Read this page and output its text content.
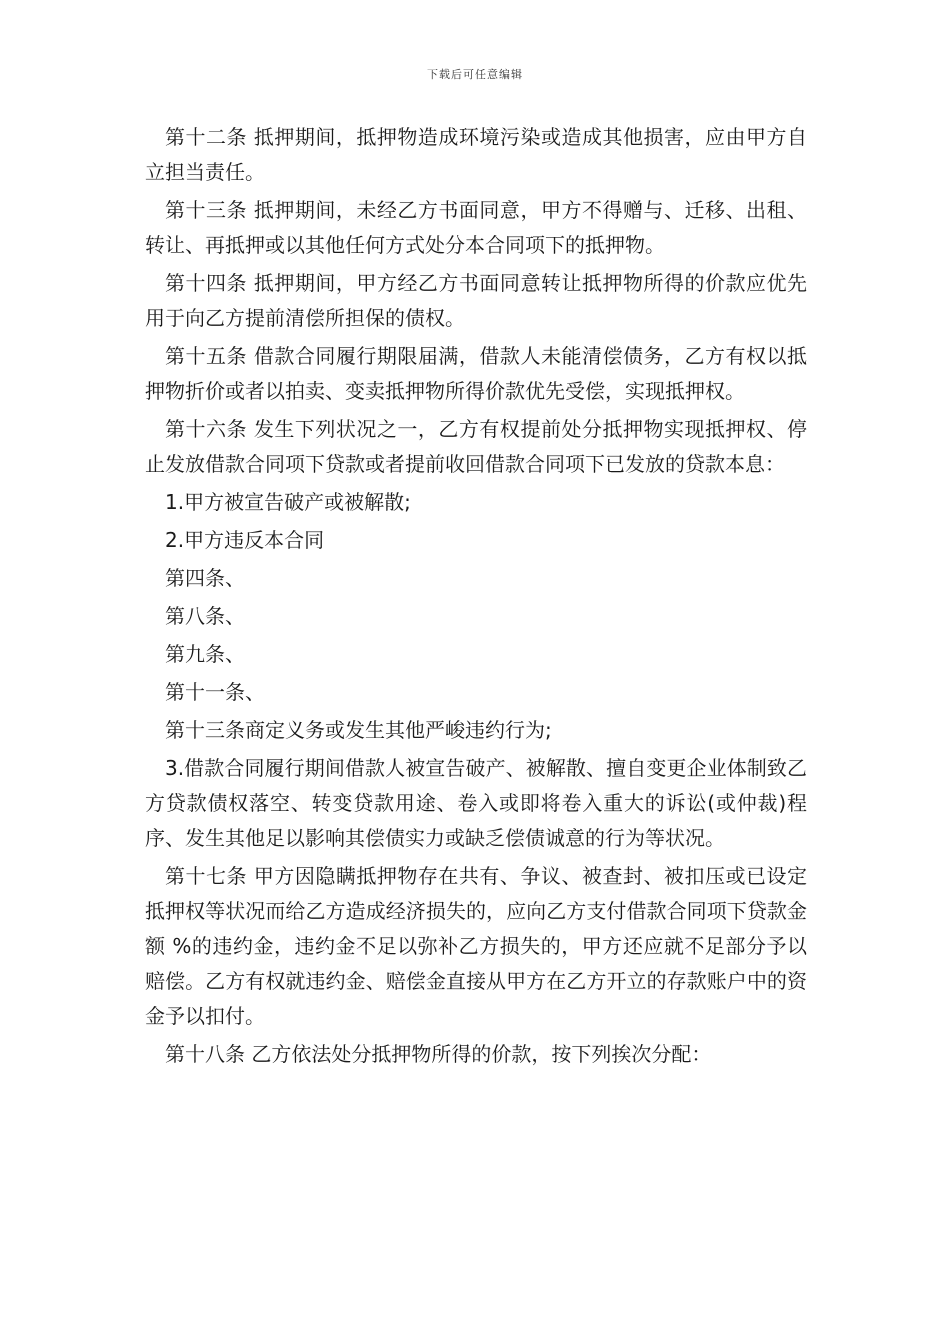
下载后可任意编辑

第十二条 抵押期间，抵押物造成环境污染或造成其他损害，应由甲方自立担当责任。

第十三条 抵押期间，未经乙方书面同意，甲方不得赠与、迁移、出租、转让、再抵押或以其他任何方式处分本合同项下的抵押物。

第十四条 抵押期间，甲方经乙方书面同意转让抵押物所得的价款应优先用于向乙方提前清偿所担保的债权。

第十五条 借款合同履行期限届满，借款人未能清偿债务，乙方有权以抵押物折价或者以拍卖、变卖抵押物所得价款优先受偿，实现抵押权。

第十六条 发生下列状况之一，乙方有权提前处分抵押物实现抵押权、停止发放借款合同项下贷款或者提前收回借款合同项下已发放的贷款本息：

1.甲方被宣告破产或被解散;

2.甲方违反本合同

第四条、

第八条、

第九条、

第十一条、

第十三条商定义务或发生其他严峻违约行为;

3.借款合同履行期间借款人被宣告破产、被解散、擅自变更企业体制致乙方贷款债权落空、转变贷款用途、卷入或即将卷入重大的诉讼(或仲裁)程序、发生其他足以影响其偿债实力或缺乏偿债诚意的行为等状况。

第十七条 甲方因隐瞒抵押物存在共有、争议、被查封、被扣压或已设定抵押权等状况而给乙方造成经济损失的，应向乙方支付借款合同项下贷款金额 %的违约金，违约金不足以弥补乙方损失的，甲方还应就不足部分予以赔偿。乙方有权就违约金、赔偿金直接从甲方在乙方开立的存款账户中的资金予以扣付。

第十八条 乙方依法处分抵押物所得的价款，按下列挨次分配：
